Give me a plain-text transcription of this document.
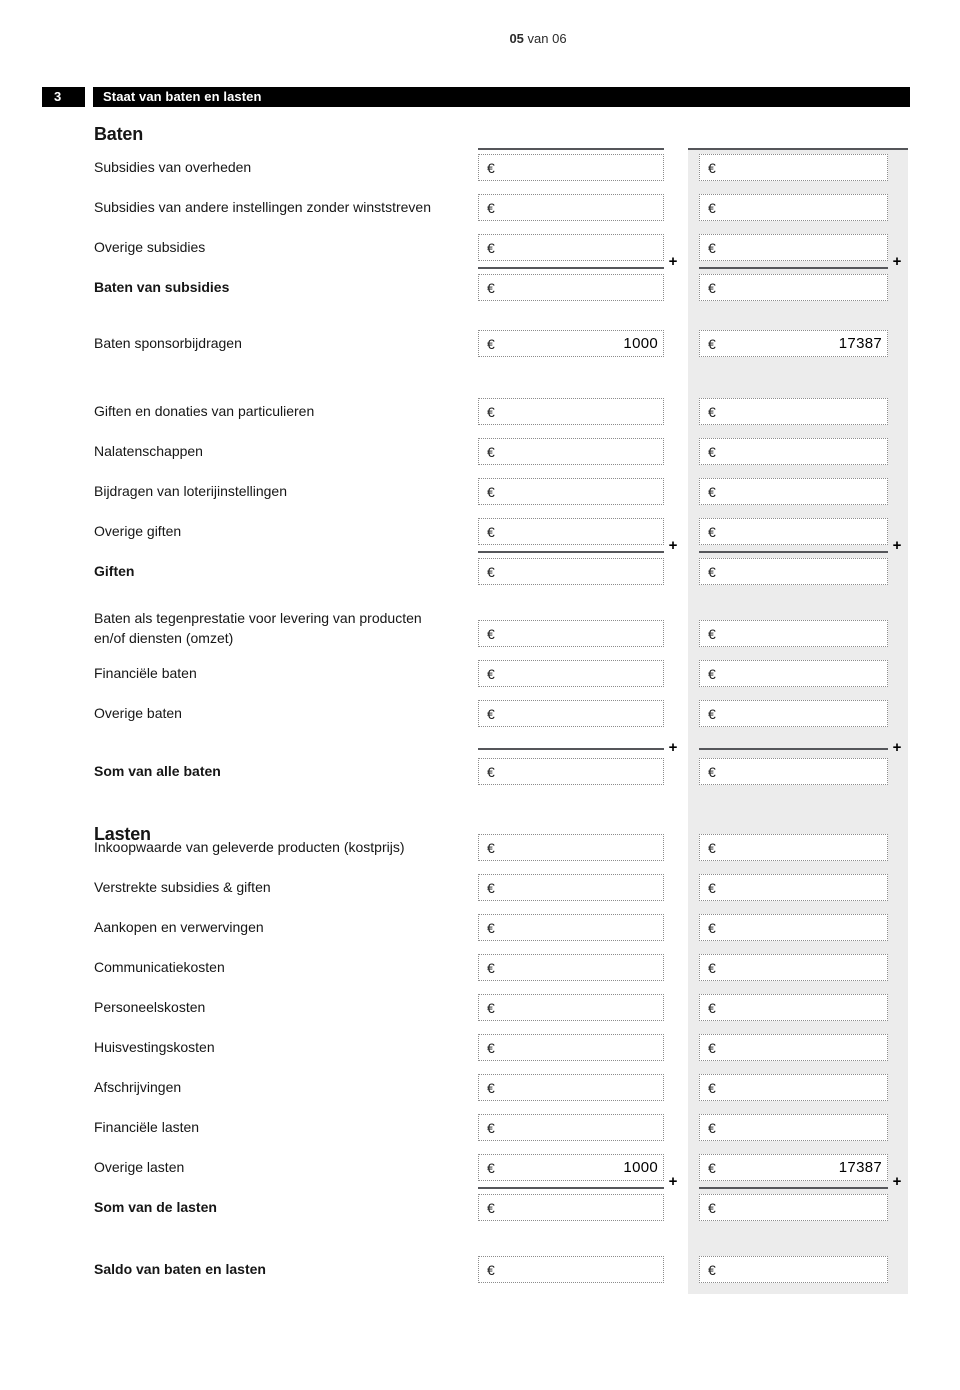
05 van 06
3	Staat van baten en lasten
Baten
Lasten
Subsidies van overheden	€	€
Subsidies van andere instellingen zonder winststreven	€	€
Overige subsidies	€	€
+	+
Baten van subsidies	€	€
Baten sponsorbijdragen	€	1000	€	17387
Giften en donaties van particulieren	€	€
Nalatenschappen	€	€
Bijdragen van loterijinstellingen	€	€
Overige giften	€	€
+	+
Giften	€	€
Baten als tegenprestatie voor levering van producten
en/of diensten (omzet)	€	€
Financiële baten	€	€
Overige baten	€	€
+	+
Som van alle baten	€	€
Inkoopwaarde van geleverde producten (kostprijs)	€	€
Verstrekte subsidies & giften	€	€
Aankopen en verwervingen	€	€
Communicatiekosten	€	€
Personeelskosten	€	€
Huisvestingskosten	€	€
Afschrijvingen	€	€
Financiële lasten	€	€
Overige lasten	€	1000	€	17387
+	+
Som van de lasten	€	€
Saldo van baten en lasten	€	€
